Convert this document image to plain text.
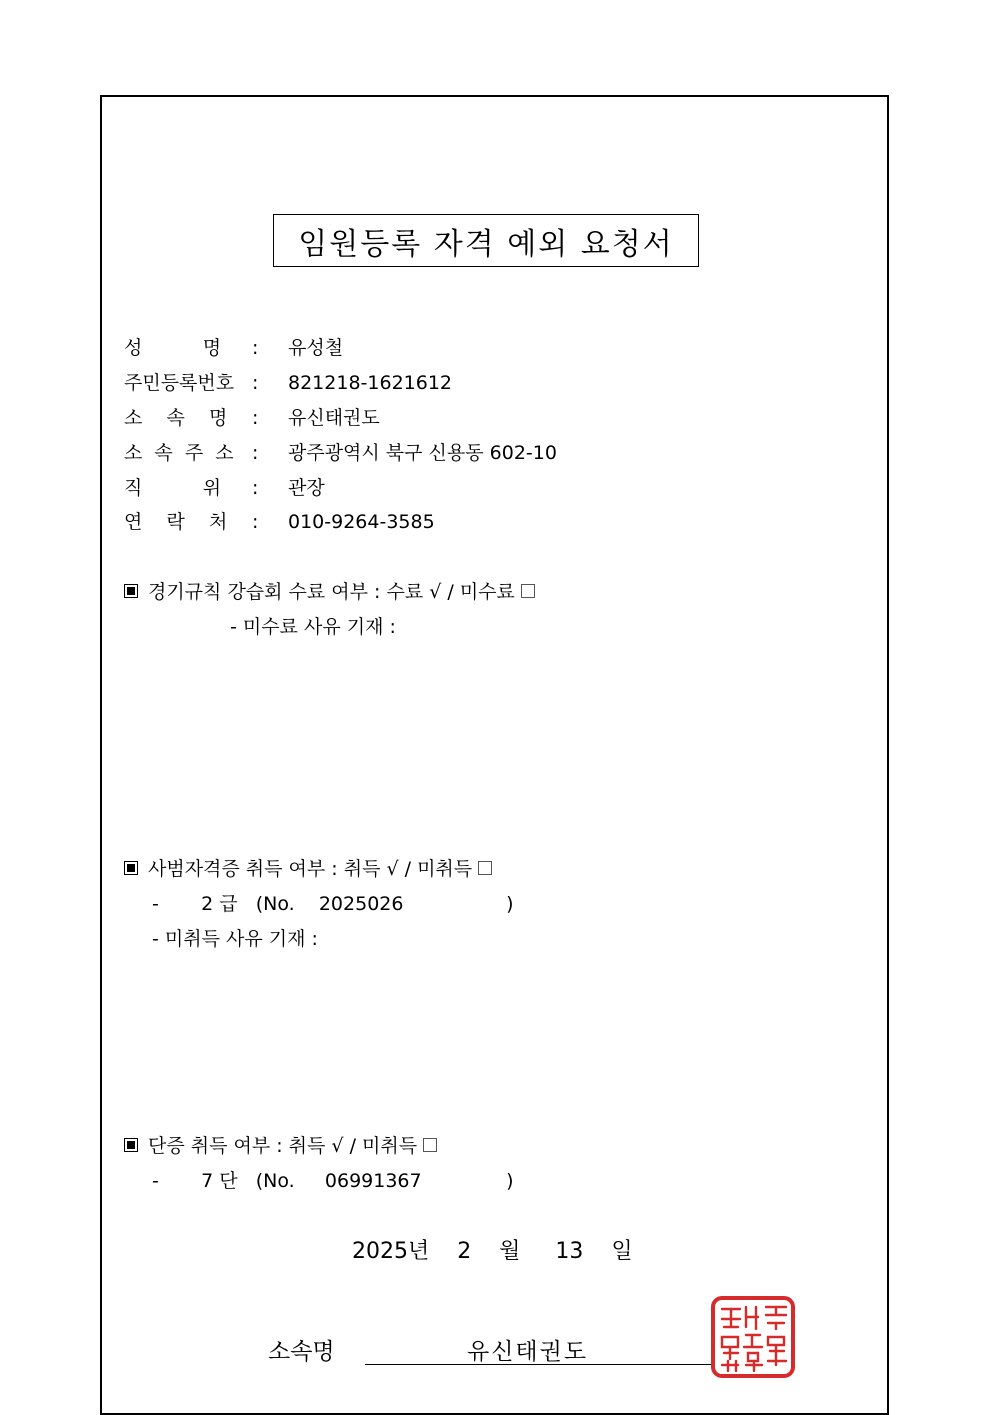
임원등록 자격 예외 요청서
성          명 : 유성철
주민등록번호 : 821218-1621612
소    속    명 : 유신태권도
소  속  주  소 : 광주광역시 북구 신용동 602-10
직          위 : 관장
연    락    처 : 010-9264-3585
경기규칙 강습회 수료 여부 : 수료 √ / 미수료
- 미수료 사유 기재 :
사범자격증 취득 여부 : 취득 √ / 미취득
-       2 급   (No.    2025026                 )
- 미취득 사유 기재 :
단증 취득 여부 : 취득 √ / 미취득
-       7 단   (No.     06991367              )
2025년    2    월     13    일
소속명	유신태권도
